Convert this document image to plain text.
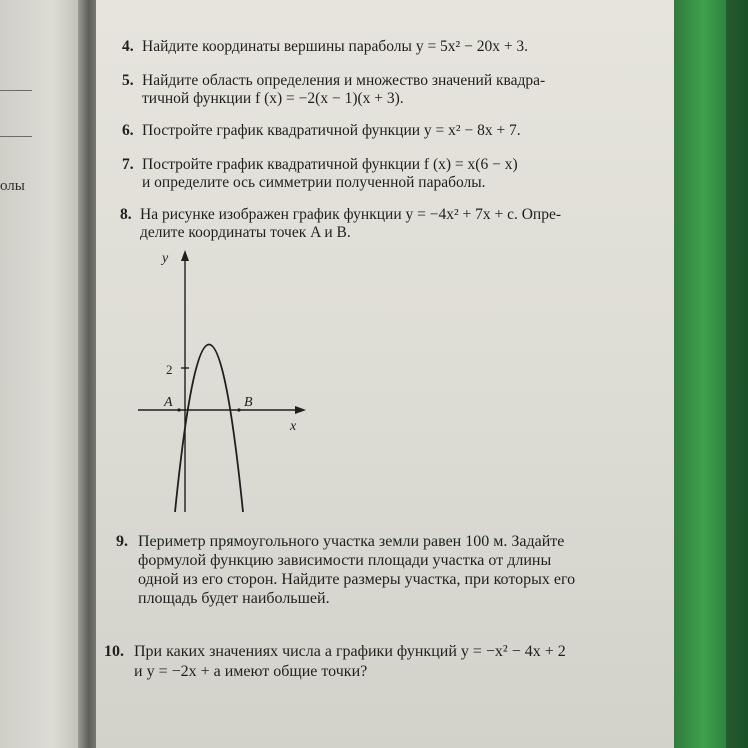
олы
4. Найдите координаты вершины параболы y = 5x² − 20x + 3.
5. Найдите область определения и множество значений квадра-
тичной функции f (x) = −2(x − 1)(x + 3).
6. Постройте график квадратичной функции y = x² − 8x + 7.
7. Постройте график квадратичной функции f (x) = x(6 − x)
и определите ось симметрии полученной параболы.
8. На рисунке изображен график функции y = −4x² + 7x + c. Опре-
делите координаты точек A и B.
9. Периметр прямоугольного участка земли равен 100 м. Задайте
формулой функцию зависимости площади участка от длины
одной из его сторон. Найдите размеры участка, при которых его
площадь будет наибольшей.
10. При каких значениях числа a графики функций y = −x² − 4x + 2
и y = −2x + a имеют общие точки?
y
x
2
A	B
